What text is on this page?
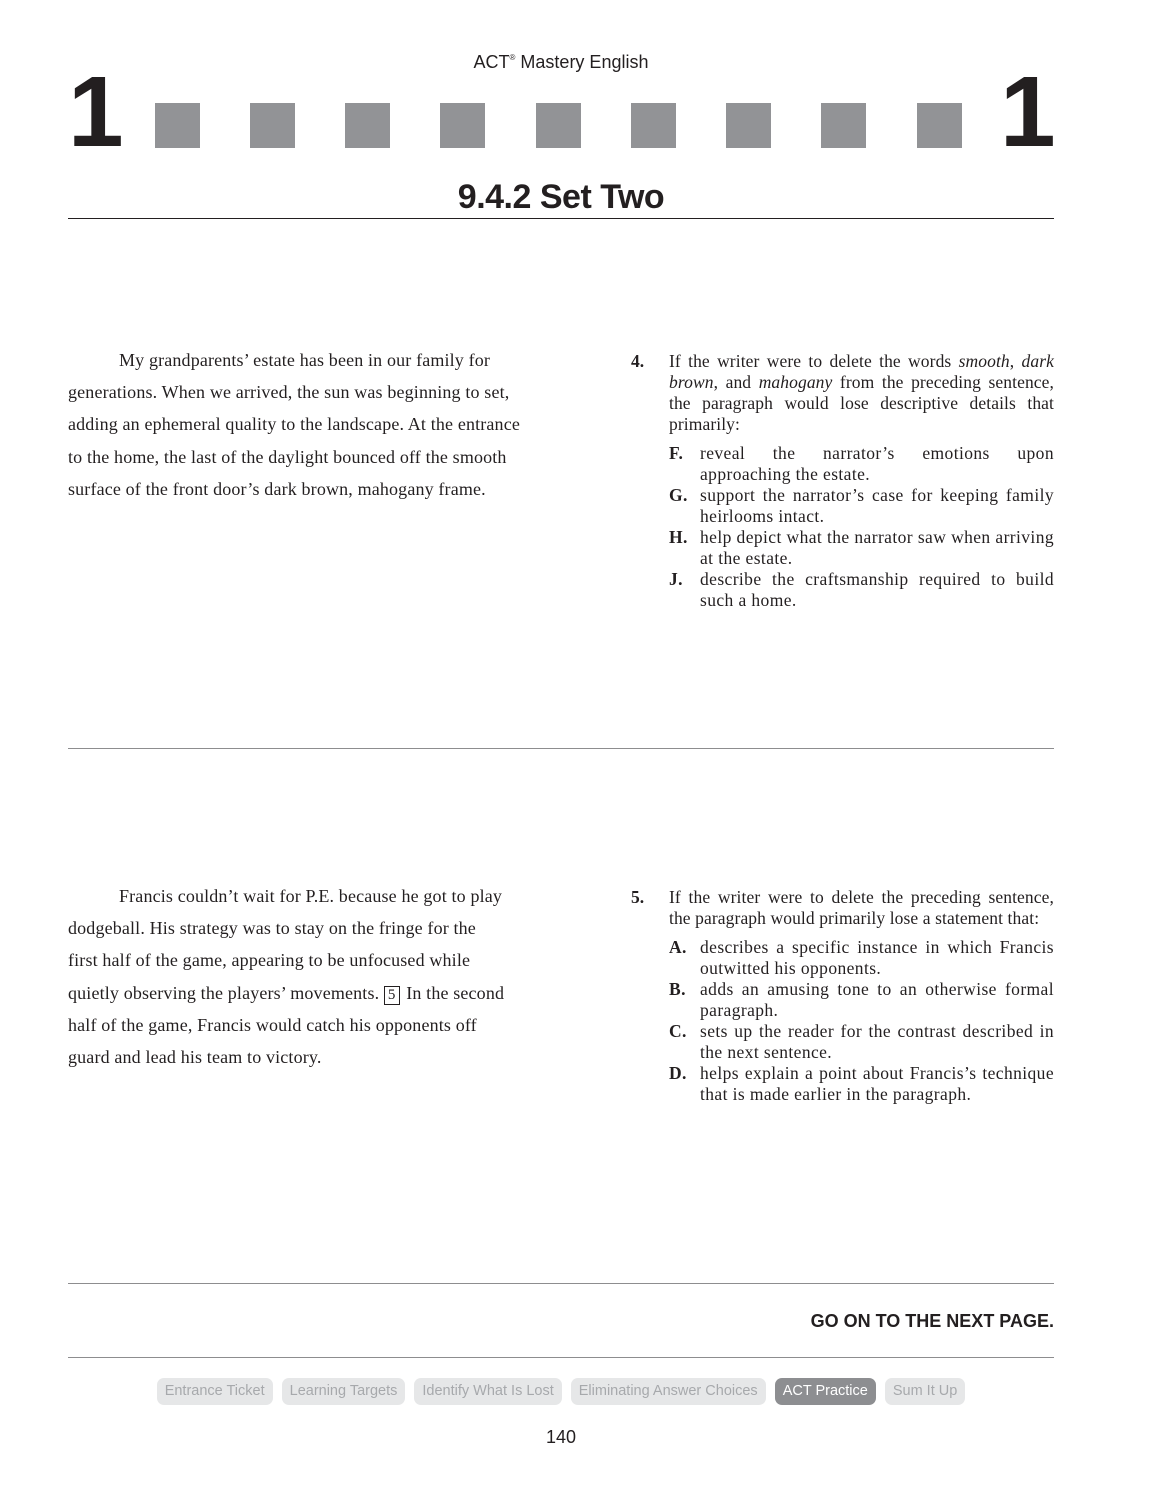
ACT® Mastery English
1	1
9.4.2 Set Two

My grandparents’ estate has been in our family for generations. When we arrived, the sun was beginning to set, adding an ephemeral quality to the landscape. At the entrance to the home, the last of the daylight bounced off the smooth surface of the front door’s dark brown, mahogany frame.

4. If the writer were to delete the words smooth, dark brown, and mahogany from the preceding sentence, the paragraph would lose descriptive details that primarily:
F. reveal the narrator’s emotions upon approaching the estate.
G. support the narrator’s case for keeping family heirlooms intact.
H. help depict what the narrator saw when arriving at the estate.
J. describe the craftsmanship required to build such a home.

Francis couldn’t wait for P.E. because he got to play dodgeball. His strategy was to stay on the fringe for the first half of the game, appearing to be unfocused while quietly observing the players’ movements. 5 In the second half of the game, Francis would catch his opponents off guard and lead his team to victory.

5. If the writer were to delete the preceding sentence, the paragraph would primarily lose a statement that:
A. describes a specific instance in which Francis outwitted his opponents.
B. adds an amusing tone to an otherwise formal paragraph.
C. sets up the reader for the contrast described in the next sentence.
D. helps explain a point about Francis’s technique that is made earlier in the paragraph.
GO ON TO THE NEXT PAGE.
Entrance Ticket Learning Targets Identify What Is Lost Eliminating Answer Choices ACT Practice Sum It Up
140
